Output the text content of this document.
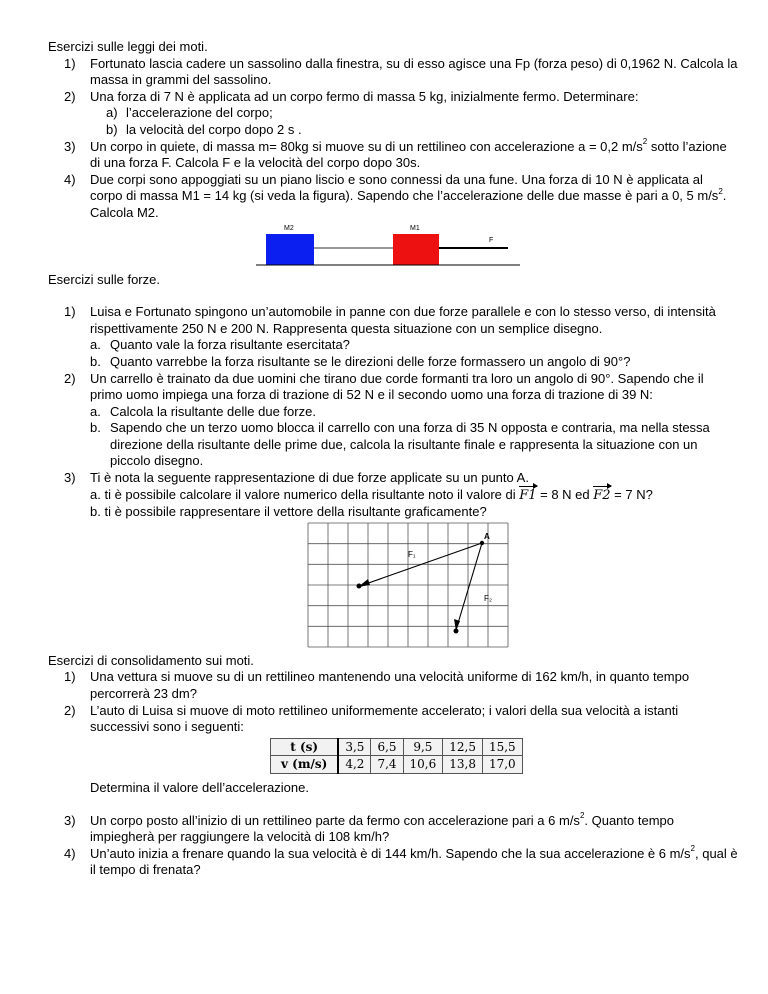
Esercizi sulle leggi dei moti.

1) Fortunato lascia cadere un sassolino dalla finestra, su di esso agisce una Fp (forza peso) di 0,1962 N. Calcola la massa in grammi del sassolino.
2) Una forza di 7 N è applicata ad un corpo fermo di massa 5 kg, inizialmente fermo. Determinare:
a) l’accelerazione del corpo;
b) la velocità del corpo dopo 2 s .
3) Un corpo in quiete, di massa m= 80kg si muove su di un rettilineo con accelerazione a = 0,2 $m/s^2$ sotto l’azione di una forza F. Calcola F e la velocità del corpo dopo 30s.
4) Due corpi sono appoggiati su un piano liscio e sono connessi da una fune. Una forza di 10 N è applicata al corpo di massa M1 = 14 kg (si veda la figura). Sapendo che l’accelerazione delle due masse è pari a 0, 5 $m/s^2$. Calcola M2.
M2	M1
F

Esercizi sulle forze.

1) Luisa e Fortunato spingono un’automobile in panne con due forze parallele e con lo stesso verso, di intensità rispettivamente 250 N e 200 N. Rappresenta questa situazione con un semplice disegno.
a. Quanto vale la forza risultante esercitata?
b. Quanto varrebbe la forza risultante se le direzioni delle forze formassero un angolo di 90°?
2) Un carrello è trainato da due uomini che tirano due corde formanti tra loro un angolo di 90°. Sapendo che il primo uomo impiega una forza di trazione di 52 N e il secondo uomo una forza di trazione di 39 N:
a. Calcola la risultante delle due forze.
b. Sapendo che un terzo uomo blocca il carrello con una forza di 35 N opposta e contraria, ma nella stessa direzione della risultante delle prime due, calcola la risultante finale e rappresenta la situazione con un piccolo disegno.
3) Ti è nota la seguente rappresentazione di due forze applicate su un punto A.
a. ti è possibile calcolare il valore numerico della risultante noto il valore di F1 = 8 N ed F2 = 7 N?
b. ti è possibile rappresentare il vettore della risultante graficamente?
A
F₁
F₂

Esercizi di consolidamento sui moti.

1) Una vettura si muove su di un rettilineo mantenendo una velocità uniforme di 162 km/h, in quanto tempo percorrerà 23 dm?
2) L’auto di Luisa si muove di moto rettilineo uniformemente accelerato; i valori della sua velocità a istanti successivi sono i seguenti:
t (s)	3,5	6,5	9,5	12,5	15,5
v (m/s)	4,2	7,4	10,6	13,8	17,0
Determina il valore dell’accelerazione.
3) Un corpo posto all’inizio di un rettilineo parte da fermo con accelerazione pari a 6 $m/s^2$. Quanto tempo impiegherà per raggiungere la velocità di 108 km/h?
4) Un’auto inizia a frenare quando la sua velocità è di 144 km/h. Sapendo che la sua accelerazione è 6 $m/s^2$, qual è il tempo di frenata?
